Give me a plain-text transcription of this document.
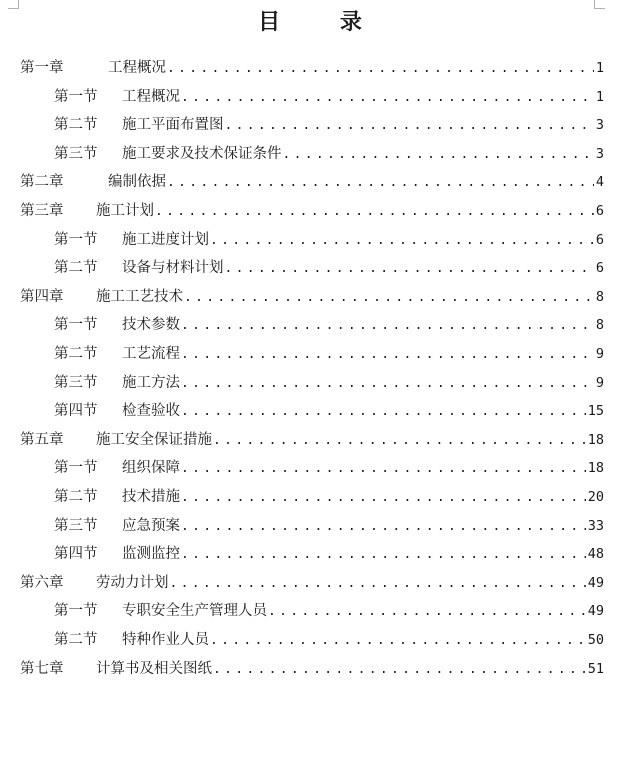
目 录
第一章	工程概况 .....	1
第一节	工程概况 .....	1
第二节	施工平面布置图 .....	3
第三节	施工要求及技术保证条件 .....	3
第二章	编制依据 .....	4
第三章	施工计划 .....	6
第一节	施工进度计划 .....	6
第二节	设备与材料计划 .....	6
第四章	施工工艺技术 .....	8
第一节	技术参数 .....	8
第二节	工艺流程 .....	9
第三节	施工方法 .....	9
第四节	检查验收 .....	15
第五章	施工安全保证措施 .....	18
第一节	组织保障 .....	18
第二节	技术措施 .....	20
第三节	应急预案 .....	33
第四节	监测监控 .....	48
第六章	劳动力计划 .....	49
第一节	专职安全生产管理人员 .....	49
第二节	特种作业人员 .....	50
第七章	计算书及相关图纸 .....	51
